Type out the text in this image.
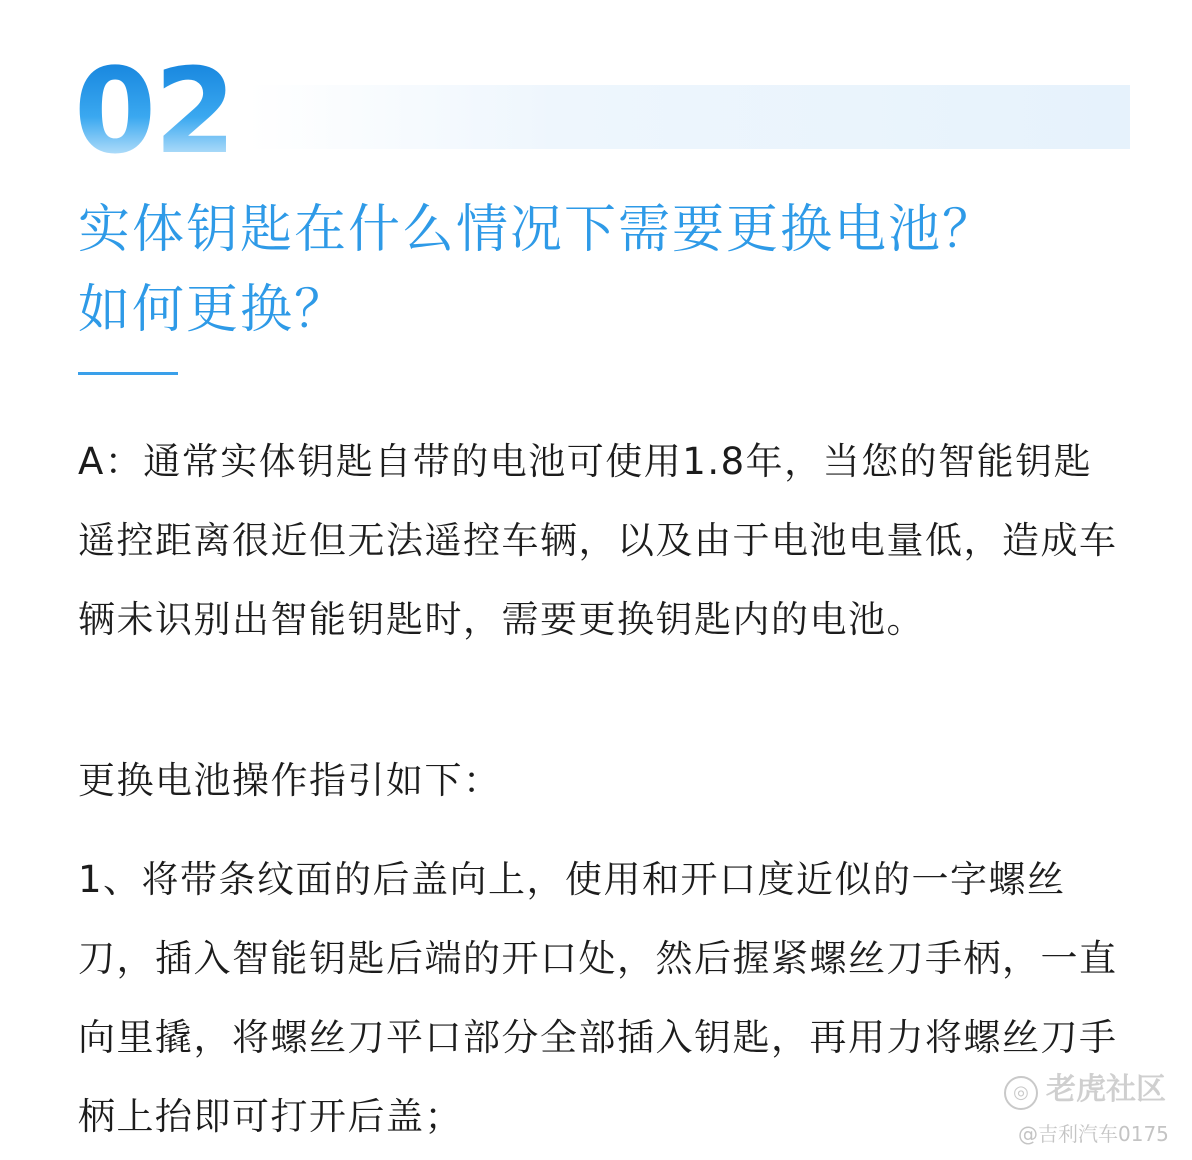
02
实体钥匙在什么情况下需要更换电池？
如何更换？
A：通常实体钥匙自带的电池可使用1.8年，当您的智能钥匙遥控距离很近但无法遥控车辆，以及由于电池电量低，造成车辆未识别出智能钥匙时，需要更换钥匙内的电池。
更换电池操作指引如下：
1、将带条纹面的后盖向上，使用和开口度近似的一字螺丝刀，插入智能钥匙后端的开口处，然后握紧螺丝刀手柄，一直向里撬，将螺丝刀平口部分全部插入钥匙，再用力将螺丝刀手柄上抬即可打开后盖；
◎ 老虎社区
@吉利汽车0175
